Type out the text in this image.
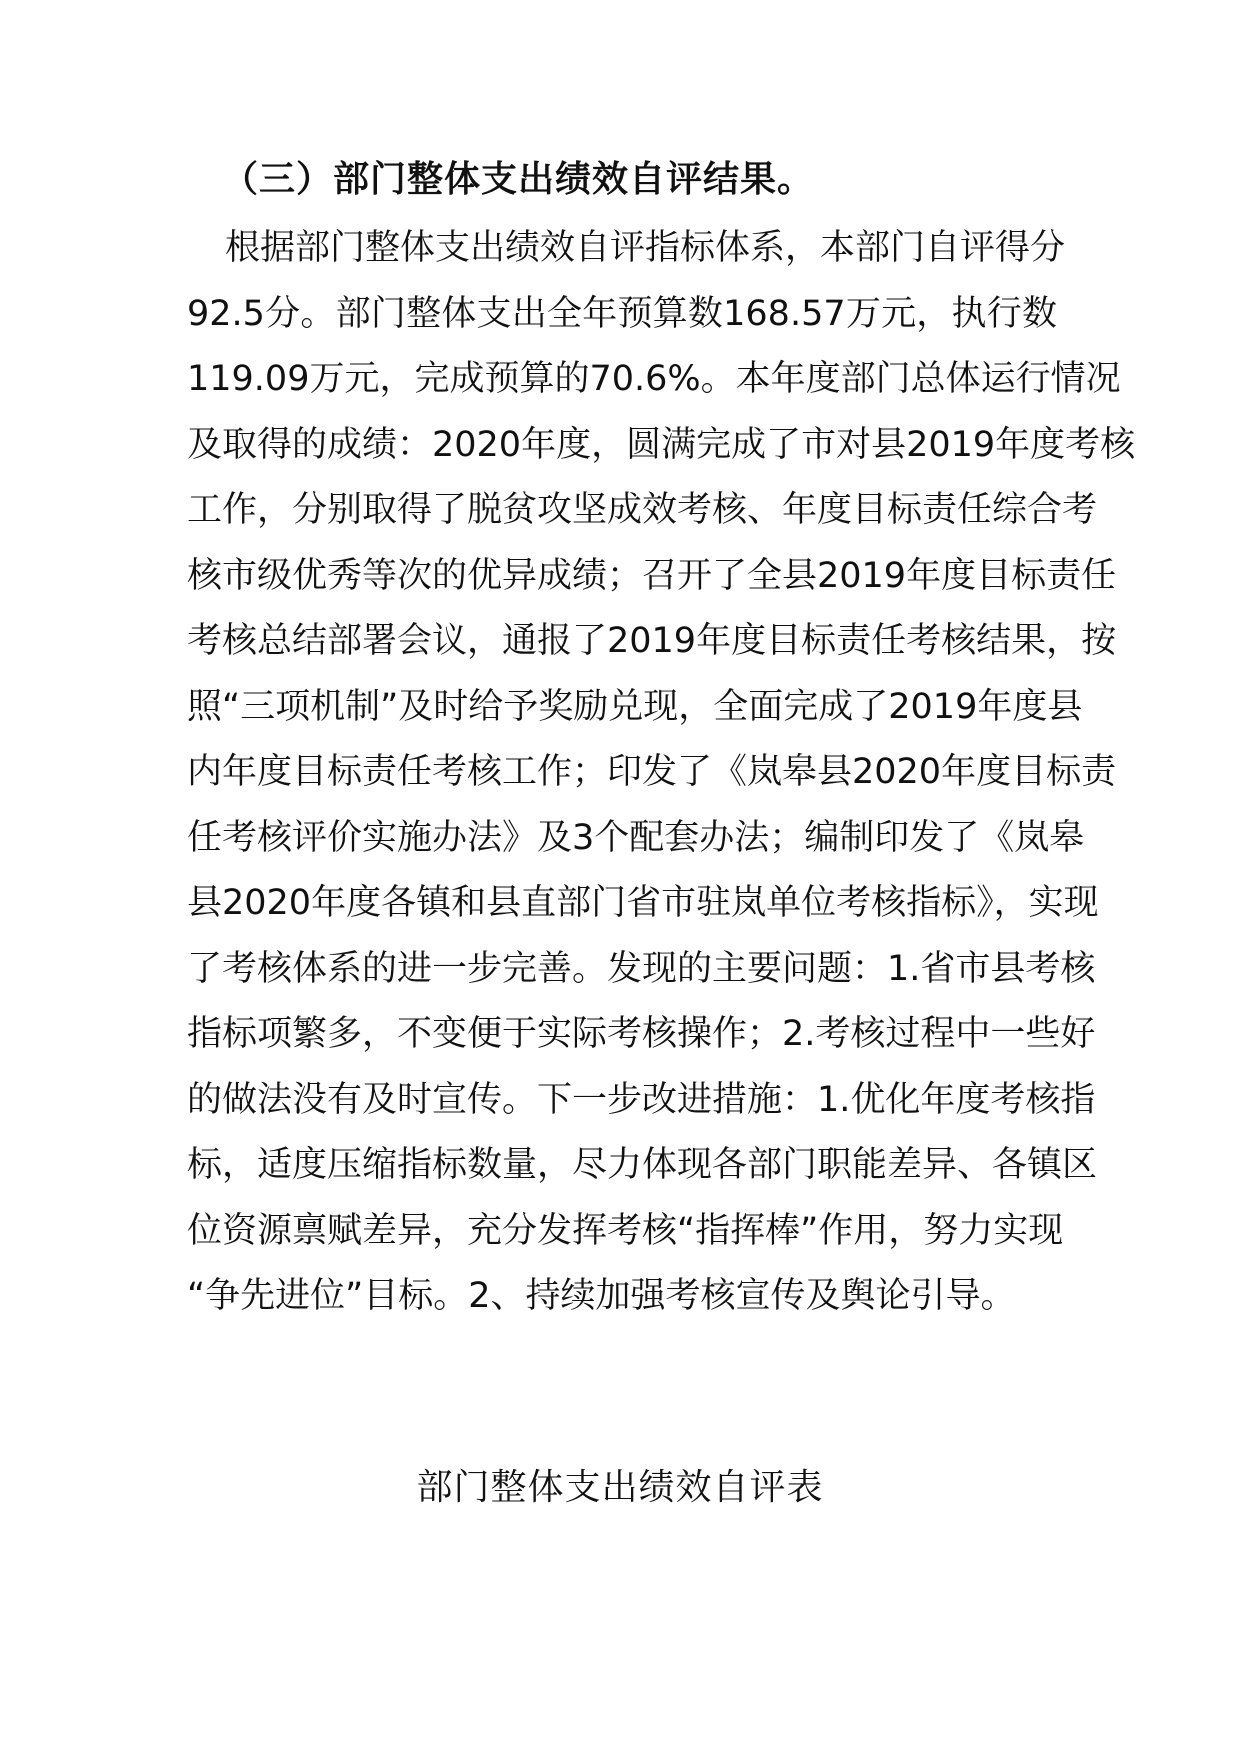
（三）部门整体支出绩效自评结果。
根据部门整体支出绩效自评指标体系，本部门自评得分
92.5分。部门整体支出全年预算数168.57万元，执行数
119.09万元，完成预算的70.6%。本年度部门总体运行情况
及取得的成绩：2020年度，圆满完成了市对县2019年度考核
工作，分别取得了脱贫攻坚成效考核、年度目标责任综合考
核市级优秀等次的优异成绩；召开了全县2019年度目标责任
考核总结部署会议，通报了2019年度目标责任考核结果，按
照“三项机制”及时给予奖励兑现，全面完成了2019年度县
内年度目标责任考核工作；印发了《岚皋县2020年度目标责
任考核评价实施办法》及3个配套办法；编制印发了《岚皋
县2020年度各镇和县直部门省市驻岚单位考核指标》，实现
了考核体系的进一步完善。发现的主要问题：1.省市县考核
指标项繁多，不变便于实际考核操作；2.考核过程中一些好
的做法没有及时宣传。下一步改进措施：1.优化年度考核指
标，适度压缩指标数量，尽力体现各部门职能差异、各镇区
位资源禀赋差异，充分发挥考核“指挥棒”作用，努力实现
“争先进位”目标。2、持续加强考核宣传及舆论引导。
部门整体支出绩效自评表
